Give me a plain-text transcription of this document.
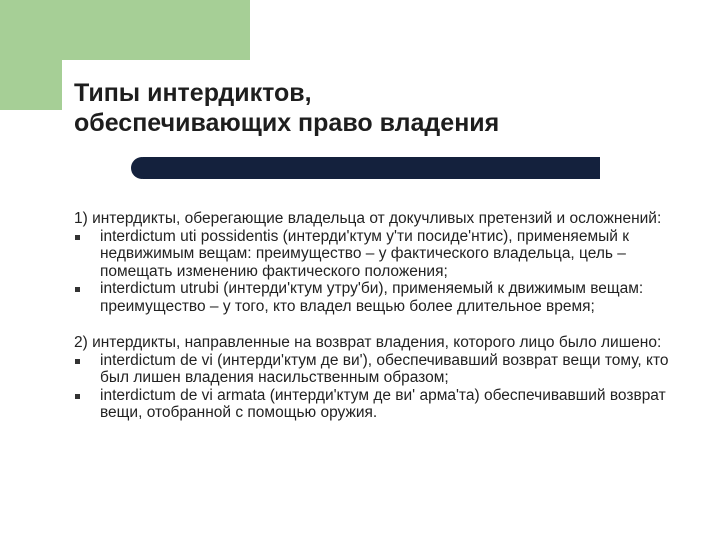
Типы интердиктов,
обеспечивающих право владения
1) интердикты, оберегающие владельца от докучливых претензий и осложнений:
interdictum uti possidentis (интерди'ктум у'ти посиде'нтис), применяемый к недвижимым вещам: преимущество – у фактического владельца, цель – помещать изменению фактического положения;
interdictum utrubi (интерди'ктум утру'би), применяемый к движимым вещам: преимущество – у того, кто владел вещью более длительное время;
2) интердикты, направленные на возврат владения, которого лицо было лишено:
interdictum de vi (интерди'ктум де ви'), обеспечивавший возврат вещи тому, кто был лишен владения насильственным образом;
interdictum de vi armata (интерди'ктум де ви' арма'та) обеспечивавший возврат вещи, отобранной с помощью оружия.
